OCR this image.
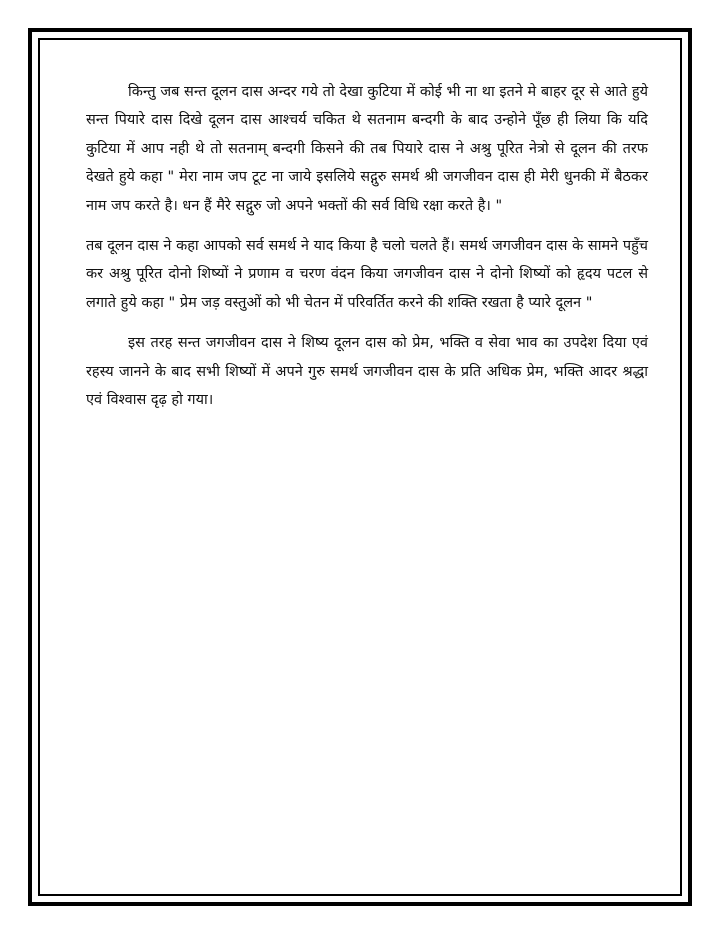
किन्तु जब सन्त दूलन दास अन्दर गये तो देखा कुटिया में कोई भी ना था इतने मे बाहर दूर से आते हुये सन्त पियारे दास दिखे दूलन दास आश्चर्य चकित थे सतनाम बन्दगी के बाद उन्होने पूँछ ही लिया कि यदि कुटिया में आप नही थे तो सतनाम् बन्दगी किसने की तब पियारे दास ने अश्रु पूरित नेत्रो से दूलन की तरफ देखते हुये कहा " मेरा नाम जप टूट ना जाये इसलिये सद्गुरु समर्थ श्री जगजीवन दास ही मेरी धुनकी में बैठकर नाम जप करते है। धन हैं मैरे सद्गुरु जो अपने भक्तों की सर्व विधि रक्षा करते है। "

तब दूलन दास ने कहा आपको सर्व समर्थ ने याद किया है चलो चलते हैं। समर्थ जगजीवन दास के सामने पहुँच कर अश्रु पूरित दोनो शिष्यों ने प्रणाम व चरण वंदन किया जगजीवन दास ने दोनो शिष्यों को हृदय पटल से लगाते हुये कहा " प्रेम जड़ वस्तुओं को भी चेतन में परिवर्तित करने की शक्ति रखता है प्यारे दूलन "

इस तरह सन्त जगजीवन दास ने शिष्य दूलन दास को प्रेम, भक्ति व सेवा भाव का उपदेश दिया एवं रहस्य जानने के बाद सभी शिष्यों में अपने गुरु समर्थ जगजीवन दास के प्रति अधिक प्रेम, भक्ति आदर श्रद्धा एवं विश्वास दृढ़ हो गया।
